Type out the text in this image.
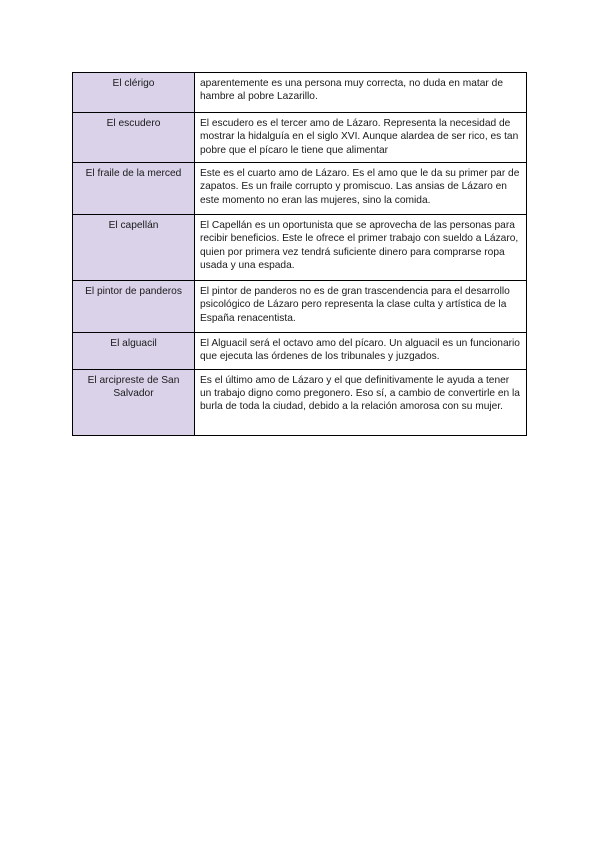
El clérigo	aparentemente es una persona muy correcta, no duda en matar de hambre al pobre Lazarillo.
El escudero	El escudero es el tercer amo de Lázaro. Representa la necesidad de mostrar la hidalguía en el siglo XVI. Aunque alardea de ser rico, es tan pobre que el pícaro le tiene que alimentar
El fraile de la merced	Este es el cuarto amo de Lázaro. Es el amo que le da su primer par de zapatos. Es un fraile corrupto y promiscuo. Las ansias de Lázaro en este momento no eran las mujeres, sino la comida.
El capellán	El Capellán es un oportunista que se aprovecha de las personas para recibir beneficios. Este le ofrece el primer trabajo con sueldo a Lázaro, quien por primera vez tendrá suficiente dinero para comprarse ropa usada y una espada.
El pintor de panderos	El pintor de panderos no es de gran trascendencia para el desarrollo psicológico de Lázaro pero representa la clase culta y artística de la España renacentista.
El alguacil	El Alguacil será el octavo amo del pícaro. Un alguacil es un funcionario que ejecuta las órdenes de los tribunales y juzgados.
El arcipreste de San Salvador	Es el último amo de Lázaro y el que definitivamente le ayuda a tener un trabajo digno como pregonero. Eso sí, a cambio de convertirle en la burla de toda la ciudad, debido a la relación amorosa con su mujer.
